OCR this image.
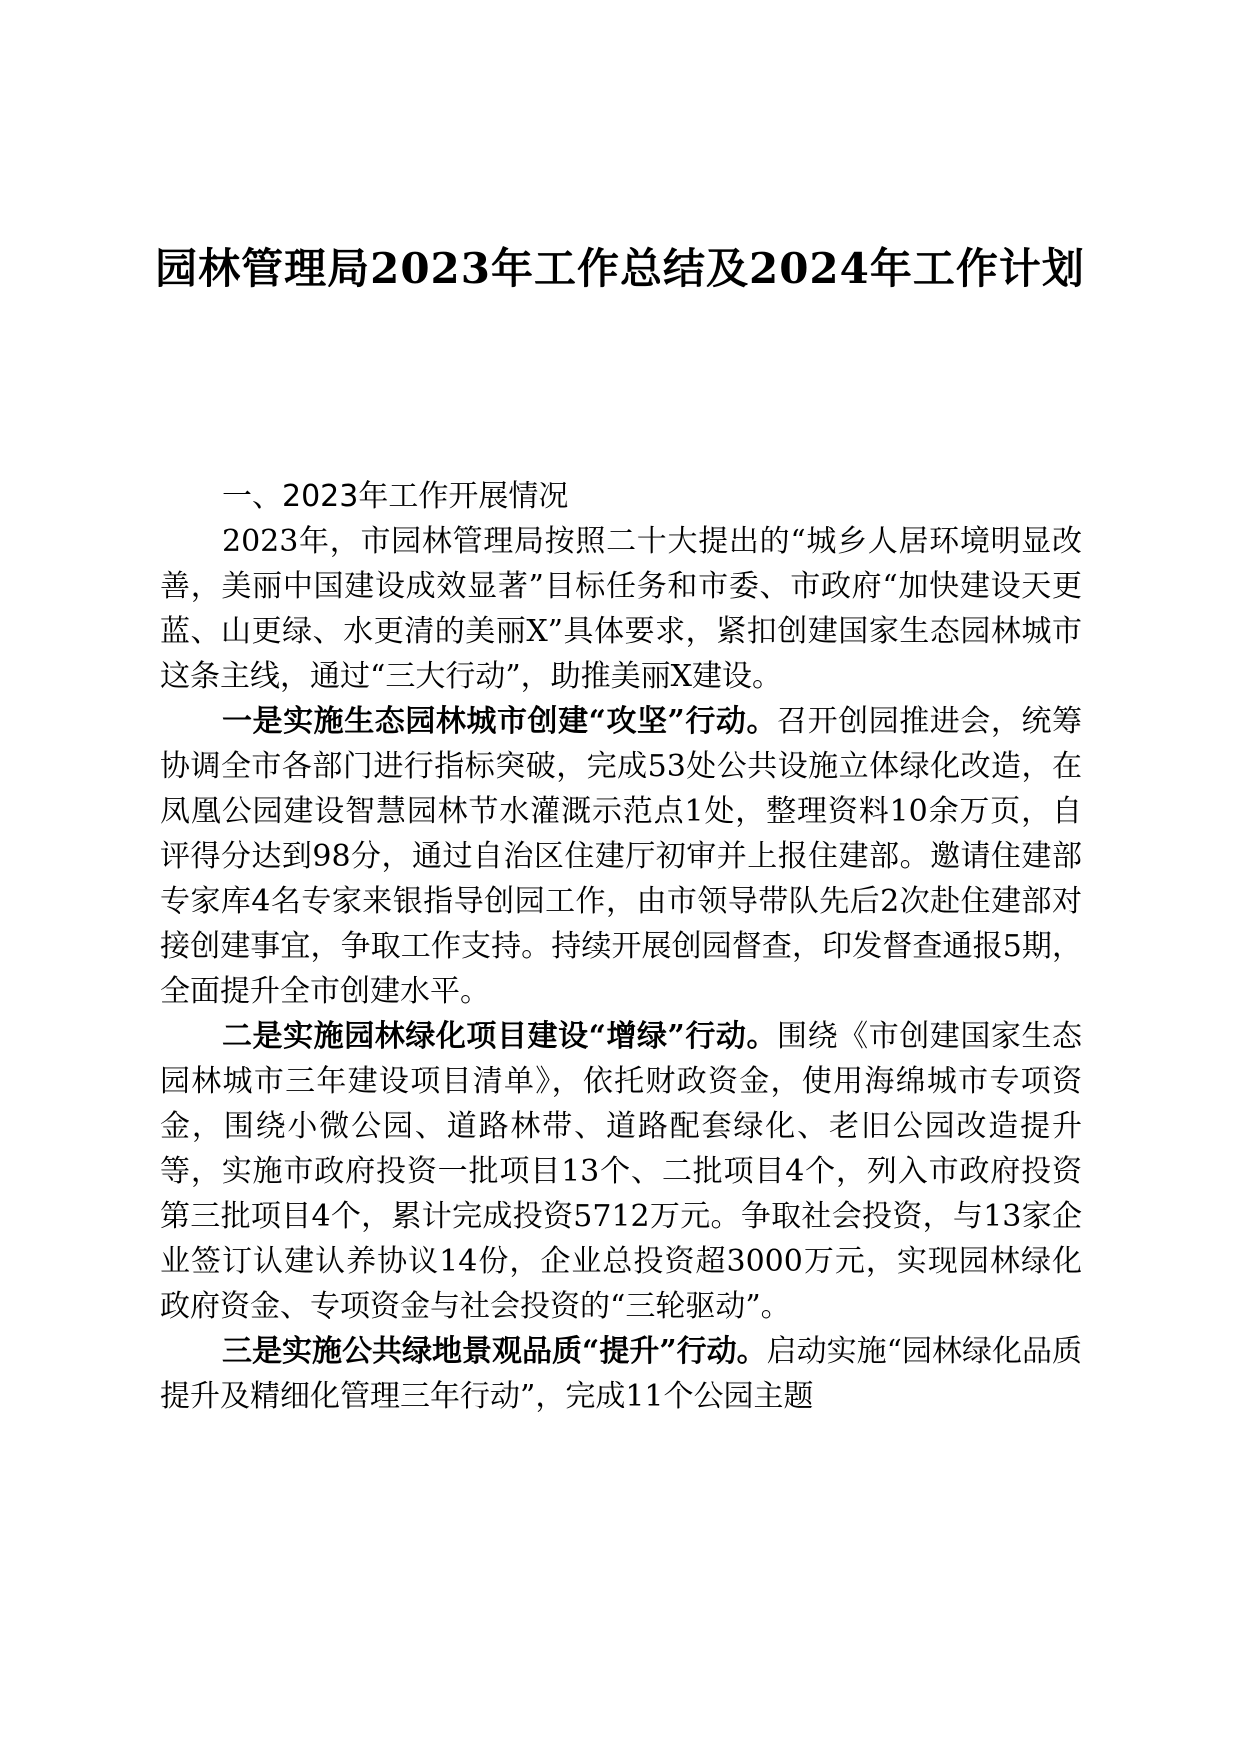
园林管理局2023年工作总结及2024年工作计划
一、2023年工作开展情况

2023年，市园林管理局按照二十大提出的“城乡人居环境明显改善，美丽中国建设成效显著”目标任务和市委、市政府“加快建设天更蓝、山更绿、水更清的美丽X”具体要求，紧扣创建国家生态园林城市这条主线，通过“三大行动”，助推美丽X建设。

一是实施生态园林城市创建“攻坚”行动。召开创园推进会，统筹协调全市各部门进行指标突破，完成53处公共设施立体绿化改造，在凤凰公园建设智慧园林节水灌溉示范点1处，整理资料10余万页，自评得分达到98分，通过自治区住建厅初审并上报住建部。邀请住建部专家库4名专家来银指导创园工作，由市领导带队先后2次赴住建部对接创建事宜，争取工作支持。持续开展创园督查，印发督查通报5期，全面提升全市创建水平。

二是实施园林绿化项目建设“增绿”行动。围绕《市创建国家生态园林城市三年建设项目清单》，依托财政资金，使用海绵城市专项资金，围绕小微公园、道路林带、道路配套绿化、老旧公园改造提升等，实施市政府投资一批项目13个、二批项目4个，列入市政府投资第三批项目4个，累计完成投资5712万元。争取社会投资，与13家企业签订认建认养协议14份，企业总投资超3000万元，实现园林绿化政府资金、专项资金与社会投资的“三轮驱动”。

三是实施公共绿地景观品质“提升”行动。启动实施“园林绿化品质提升及精细化管理三年行动”，完成11个公园主题
